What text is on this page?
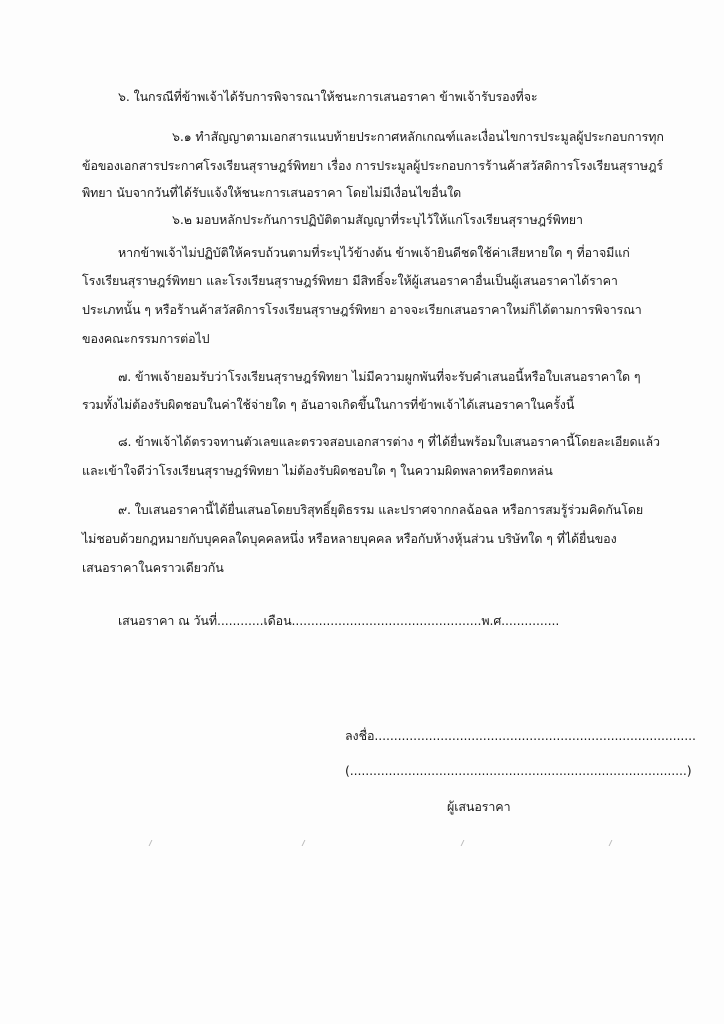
๖. ในกรณีที่ข้าพเจ้าได้รับการพิจารณาให้ชนะการเสนอราคา ข้าพเจ้ารับรองที่จะ
๖.๑ ทำสัญญาตามเอกสารแนบท้ายประกาศหลักเกณฑ์และเงื่อนไขการประมูลผู้ประกอบการทุก
ข้อของเอกสารประกาศโรงเรียนสุราษฎร์พิทยา เรื่อง การประมูลผู้ประกอบการร้านค้าสวัสดิการโรงเรียนสุราษฎร์
พิทยา นับจากวันที่ได้รับแจ้งให้ชนะการเสนอราคา โดยไม่มีเงื่อนไขอื่นใด
๖.๒ มอบหลักประกันการปฏิบัติตามสัญญาที่ระบุไว้ให้แก่โรงเรียนสุราษฎร์พิทยา
หากข้าพเจ้าไม่ปฏิบัติให้ครบถ้วนตามที่ระบุไว้ข้างต้น ข้าพเจ้ายินดีชดใช้ค่าเสียหายใด ๆ ที่อาจมีแก่
โรงเรียนสุราษฎร์พิทยา และโรงเรียนสุราษฎร์พิทยา มีสิทธิ์จะให้ผู้เสนอราคาอื่นเป็นผู้เสนอราคาได้ราคา
ประเภทนั้น ๆ หรือร้านค้าสวัสดิการโรงเรียนสุราษฎร์พิทยา อาจจะเรียกเสนอราคาใหม่ก็ได้ตามการพิจารณา
ของคณะกรรมการต่อไป
๗. ข้าพเจ้ายอมรับว่าโรงเรียนสุราษฎร์พิทยา ไม่มีความผูกพันที่จะรับคำเสนอนี้หรือใบเสนอราคาใด ๆ
รวมทั้งไม่ต้องรับผิดชอบในค่าใช้จ่ายใด ๆ อันอาจเกิดขึ้นในการที่ข้าพเจ้าได้เสนอราคาในครั้งนี้
๘. ข้าพเจ้าได้ตรวจทานตัวเลขและตรวจสอบเอกสารต่าง ๆ ที่ได้ยื่นพร้อมใบเสนอราคานี้โดยละเอียดแล้ว
และเข้าใจดีว่าโรงเรียนสุราษฎร์พิทยา ไม่ต้องรับผิดชอบใด ๆ ในความผิดพลาดหรือตกหล่น
๙. ใบเสนอราคานี้ได้ยื่นเสนอโดยบริสุทธิ์ยุติธรรม และปราศจากกลฉ้อฉล หรือการสมรู้ร่วมคิดกันโดย
ไม่ชอบด้วยกฎหมายกับบุคคลใดบุคคลหนึ่ง หรือหลายบุคคล หรือกับห้างหุ้นส่วน บริษัทใด ๆ ที่ได้ยื่นของ
เสนอราคาในคราวเดียวกัน
เสนอราคา ณ วันที่............เดือน.................................................พ.ศ...............
ลงชื่อ...................................................................................
(.......................................................................................)
ผู้เสนอราคา
